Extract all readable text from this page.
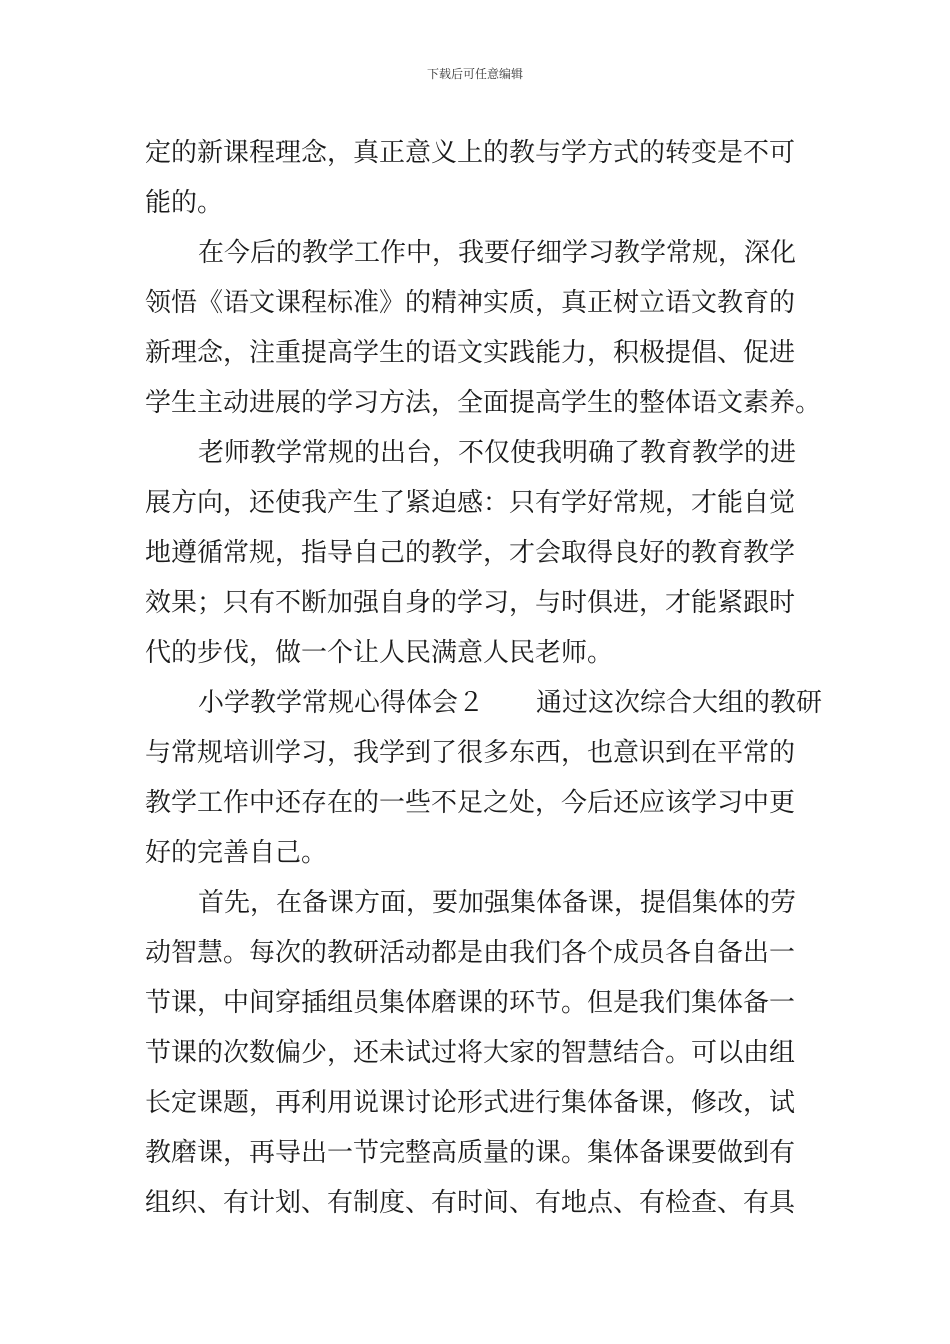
下载后可任意编辑
定的新课程理念，真正意义上的教与学方式的转变是不可
能的。
在今后的教学工作中，我要仔细学习教学常规，深化
领悟《语文课程标准》的精神实质，真正树立语文教育的
新理念，注重提高学生的语文实践能力，积极提倡、促进
学生主动进展的学习方法，全面提高学生的整体语文素养。
老师教学常规的出台，不仅使我明确了教育教学的进
展方向，还使我产生了紧迫感：只有学好常规，才能自觉
地遵循常规，指导自己的教学，才会取得良好的教育教学
效果；只有不断加强自身的学习，与时俱进，才能紧跟时
代的步伐，做一个让人民满意人民老师。
小学教学常规心得体会２　　通过这次综合大组的教研
与常规培训学习，我学到了很多东西，也意识到在平常的
教学工作中还存在的一些不足之处，今后还应该学习中更
好的完善自己。
首先，在备课方面，要加强集体备课，提倡集体的劳
动智慧。每次的教研活动都是由我们各个成员各自备出一
节课，中间穿插组员集体磨课的环节。但是我们集体备一
节课的次数偏少，还未试过将大家的智慧结合。可以由组
长定课题，再利用说课讨论形式进行集体备课，修改，试
教磨课，再导出一节完整高质量的课。集体备课要做到有
组织、有计划、有制度、有时间、有地点、有检查、有具
